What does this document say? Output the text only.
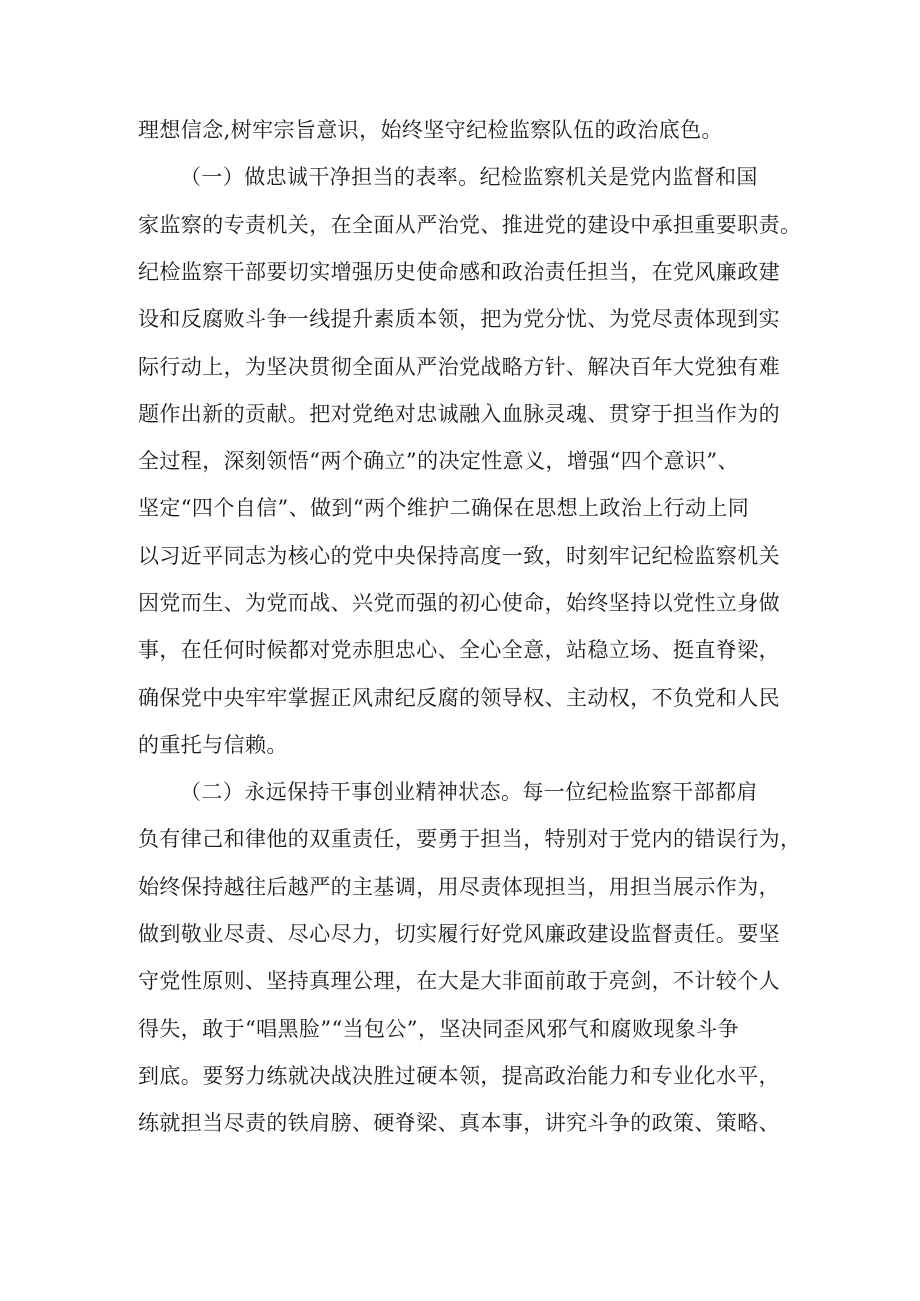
理想信念,树牢宗旨意识，始终坚守纪检监察队伍的政治底色。
（一）做忠诚干净担当的表率。纪检监察机关是党内监督和国
家监察的专责机关，在全面从严治党、推进党的建设中承担重要职责。
纪检监察干部要切实增强历史使命感和政治责任担当，在党风廉政建
设和反腐败斗争一线提升素质本领，把为党分忧、为党尽责体现到实
际行动上，为坚决贯彻全面从严治党战略方针、解决百年大党独有难
题作出新的贡献。把对党绝对忠诚融入血脉灵魂、贯穿于担当作为的
全过程，深刻领悟“两个确立”的决定性意义，增强“四个意识”、
坚定“四个自信”、做到“两个维护二确保在思想上政治上行动上同
以习近平同志为核心的党中央保持高度一致，时刻牢记纪检监察机关
因党而生、为党而战、兴党而强的初心使命，始终坚持以党性立身做
事，在任何时候都对党赤胆忠心、全心全意，站稳立场、挺直脊梁，
确保党中央牢牢掌握正风肃纪反腐的领导权、主动权，不负党和人民
的重托与信赖。
（二）永远保持干事创业精神状态。每一位纪检监察干部都肩
负有律己和律他的双重责任，要勇于担当，特别对于党内的错误行为，
始终保持越往后越严的主基调，用尽责体现担当，用担当展示作为，
做到敬业尽责、尽心尽力，切实履行好党风廉政建设监督责任。要坚
守党性原则、坚持真理公理，在大是大非面前敢于亮剑，不计较个人
得失，敢于“唱黑脸”“当包公”，坚决同歪风邪气和腐败现象斗争
到底。要努力练就决战决胜过硬本领，提高政治能力和专业化水平，
练就担当尽责的铁肩膀、硬脊梁、真本事，讲究斗争的政策、策略、
